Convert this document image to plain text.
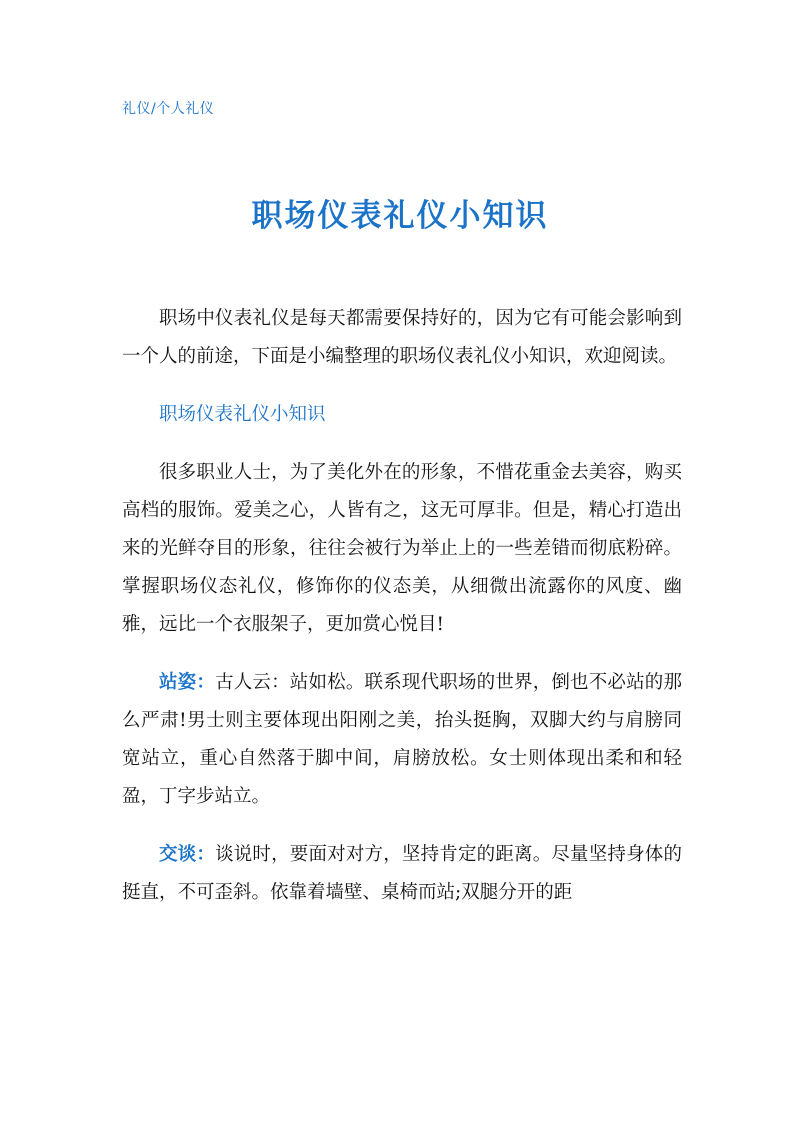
礼仪/个人礼仪
职场仪表礼仪小知识

职场中仪表礼仪是每天都需要保持好的，因为它有可能会影响到一个人的前途，下面是小编整理的职场仪表礼仪小知识，欢迎阅读。

职场仪表礼仪小知识

很多职业人士，为了美化外在的形象，不惜花重金去美容，购买高档的服饰。爱美之心，人皆有之，这无可厚非。但是，精心打造出来的光鲜夺目的形象，往往会被行为举止上的一些差错而彻底粉碎。掌握职场仪态礼仪，修饰你的仪态美，从细微出流露你的风度、幽雅，远比一个衣服架子，更加赏心悦目!

站姿：古人云：站如松。联系现代职场的世界，倒也不必站的那么严肃!男士则主要体现出阳刚之美，抬头挺胸，双脚大约与肩膀同宽站立，重心自然落于脚中间，肩膀放松。女士则体现出柔和和轻盈，丁字步站立。

交谈：谈说时，要面对对方，坚持肯定的距离。尽量坚持身体的挺直，不可歪斜。依靠着墙壁、桌椅而站;双腿分开的距
